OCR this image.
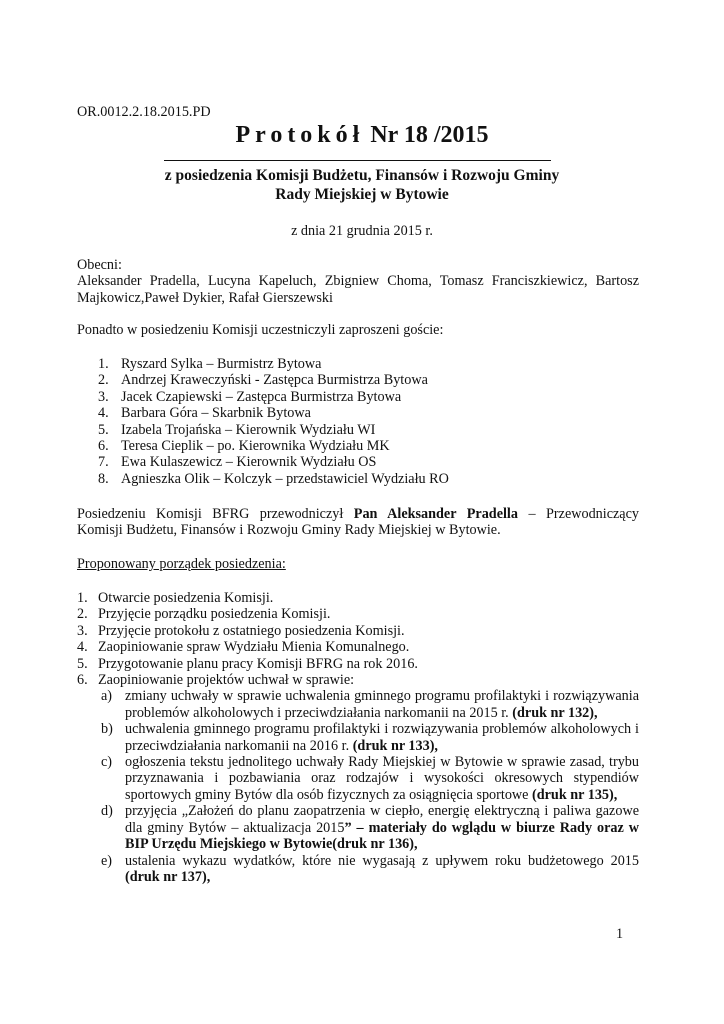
OR.0012.2.18.2015.PD
Protokół Nr 18 /2015
z posiedzenia Komisji Budżetu, Finansów i Rozwoju Gminy
Rady Miejskiej w Bytowie
z dnia 21 grudnia 2015 r.
Obecni:
Aleksander Pradella, Lucyna Kapeluch, Zbigniew Choma, Tomasz Franciszkiewicz, Bartosz
Majkowicz,Paweł Dykier, Rafał Gierszewski
Ponadto w posiedzeniu Komisji uczestniczyli zaproszeni goście:
1. Ryszard Sylka – Burmistrz Bytowa
2. Andrzej Kraweczyński - Zastępca Burmistrza Bytowa
3. Jacek Czapiewski – Zastępca Burmistrza Bytowa
4. Barbara Góra – Skarbnik Bytowa
5. Izabela Trojańska – Kierownik Wydziału WI
6. Teresa Cieplik – po. Kierownika Wydziału MK
7. Ewa Kulaszewicz – Kierownik Wydziału OS
8. Agnieszka Olik – Kolczyk – przedstawiciel Wydziału RO
Posiedzeniu Komisji BFRG przewodniczył Pan Aleksander Pradella – Przewodniczący
Komisji Budżetu, Finansów i Rozwoju Gminy Rady Miejskiej w Bytowie.
Proponowany porządek posiedzenia:
1. Otwarcie posiedzenia Komisji.
2. Przyjęcie porządku posiedzenia Komisji.
3. Przyjęcie protokołu z ostatniego posiedzenia Komisji.
4. Zaopiniowanie spraw Wydziału Mienia Komunalnego.
5. Przygotowanie planu pracy Komisji BFRG na rok 2016.
6. Zaopiniowanie projektów uchwał w sprawie:
a) zmiany uchwały w sprawie uchwalenia gminnego programu profilaktyki i rozwiązywania problemów alkoholowych i przeciwdziałania narkomanii na 2015 r. (druk nr 132),
b) uchwalenia gminnego programu profilaktyki i rozwiązywania problemów alkoholowych i przeciwdziałania narkomanii na 2016 r. (druk nr 133),
c) ogłoszenia tekstu jednolitego uchwały Rady Miejskiej w Bytowie w sprawie zasad, trybu przyznawania i pozbawiania oraz rodzajów i wysokości okresowych stypendiów sportowych gminy Bytów dla osób fizycznych za osiągnięcia sportowe (druk nr 135),
d) przyjęcia „Założeń do planu zaopatrzenia w ciepło, energię elektryczną i paliwa gazowe dla gminy Bytów – aktualizacja 2015” – materiały do wglądu w biurze Rady oraz w BIP Urzędu Miejskiego w Bytowie(druk nr 136),
e) ustalenia wykazu wydatków, które nie wygasają z upływem roku budżetowego 2015 (druk nr 137),
1
